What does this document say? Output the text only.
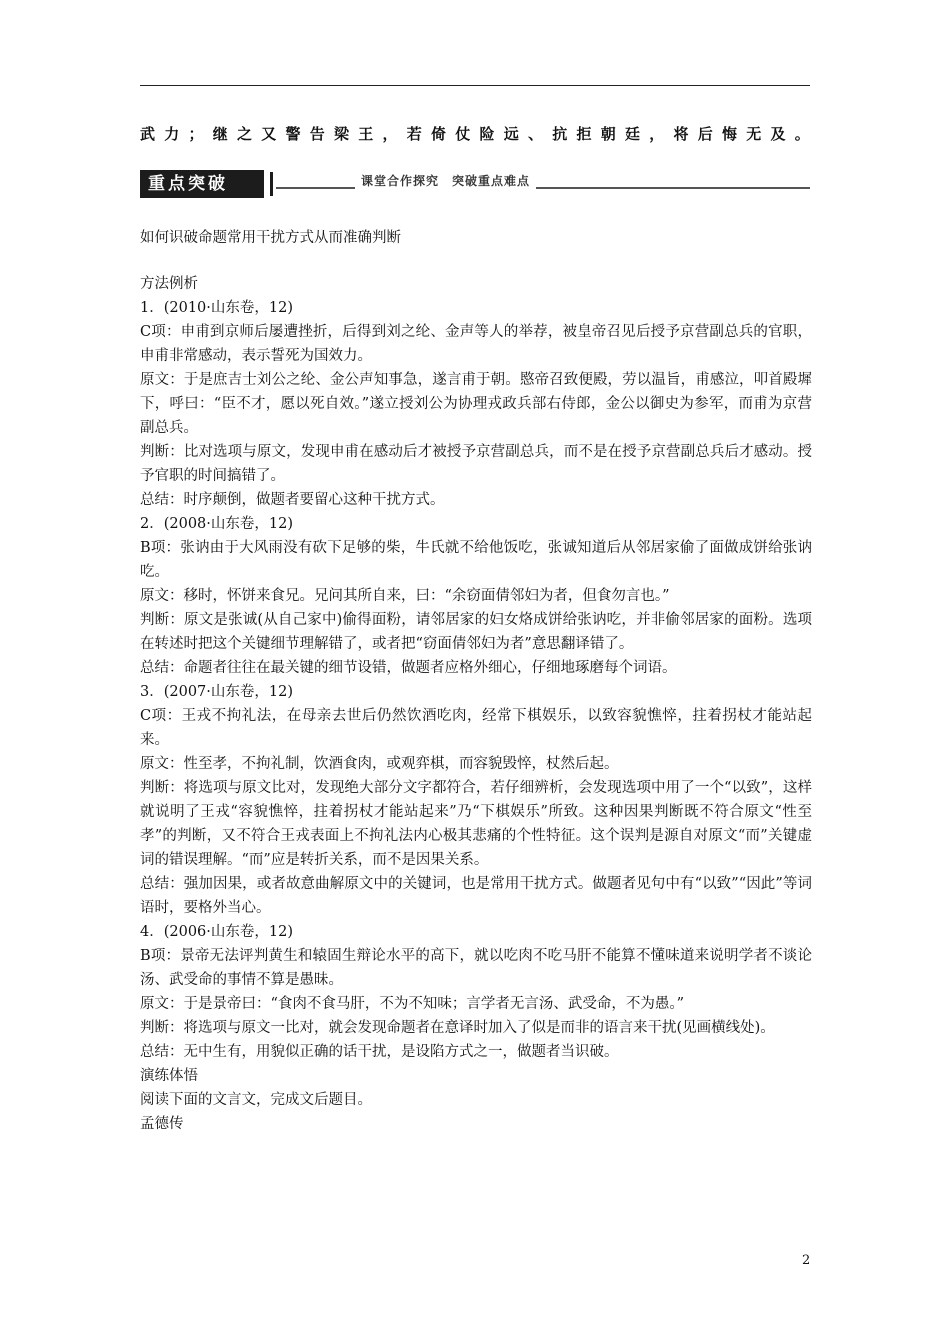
武 力 ； 继 之 又 警 告 梁 王 ， 若 倚 仗 险 远 、 抗 拒 朝 廷 ， 将 后 悔 无 及 。
重点突破	课堂合作探究　突破重点难点

如何识破命题常用干扰方式从而准确判断

方法例析

1．(2010·山东卷，12)

C项：申甫到京师后屡遭挫折，后得到刘之纶、金声等人的举荐，被皇帝召见后授予京营副总兵的官职，申甫非常感动，表示誓死为国效力。

原文：于是庶吉士刘公之纶、金公声知事急，遂言甫于朝。愍帝召致便殿，劳以温旨，甫感泣，叩首殿墀下，呼曰：“臣不才，愿以死自效。”遂立授刘公为协理戎政兵部右侍郎，金公以御史为参军，而甫为京营副总兵。

判断：比对选项与原文，发现申甫在感动后才被授予京营副总兵，而不是在授予京营副总兵后才感动。授予官职的时间搞错了。

总结：时序颠倒，做题者要留心这种干扰方式。

2．(2008·山东卷，12)

B项：张讷由于大风雨没有砍下足够的柴，牛氏就不给他饭吃，张诚知道后从邻居家偷了面做成饼给张讷吃。

原文：移时，怀饼来食兄。兄问其所自来，曰：“余窃面倩邻妇为者，但食勿言也。”

判断：原文是张诚(从自己家中)偷得面粉，请邻居家的妇女烙成饼给张讷吃，并非偷邻居家的面粉。选项在转述时把这个关键细节理解错了，或者把“窃面倩邻妇为者”意思翻译错了。

总结：命题者往往在最关键的细节设错，做题者应格外细心，仔细地琢磨每个词语。

3．(2007·山东卷，12)

C项：王戎不拘礼法，在母亲去世后仍然饮酒吃肉，经常下棋娱乐，以致容貌憔悴，拄着拐杖才能站起来。

原文：性至孝，不拘礼制，饮酒食肉，或观弈棋，而容貌毁悴，杖然后起。

判断：将选项与原文比对，发现绝大部分文字都符合，若仔细辨析，会发现选项中用了一个“以致”，这样就说明了王戎“容貌憔悴，拄着拐杖才能站起来”乃“下棋娱乐”所致。这种因果判断既不符合原文“性至孝”的判断，又不符合王戎表面上不拘礼法内心极其悲痛的个性特征。这个误判是源自对原文“而”关键虚词的错误理解。“而”应是转折关系，而不是因果关系。

总结：强加因果，或者故意曲解原文中的关键词，也是常用干扰方式。做题者见句中有“以致”“因此”等词语时，要格外当心。

4．(2006·山东卷，12)

B项：景帝无法评判黄生和辕固生辩论水平的高下，就以吃肉不吃马肝不能算不懂味道来说明学者不谈论汤、武受命的事情不算是愚昧。

原文：于是景帝曰：“食肉不食马肝，不为不知味；言学者无言汤、武受命，不为愚。”

判断：将选项与原文一比对，就会发现命题者在意译时加入了似是而非的语言来干扰(见画横线处)。

总结：无中生有，用貌似正确的话干扰，是设陷方式之一，做题者当识破。

演练体悟

阅读下面的文言文，完成文后题目。

孟德传

2
